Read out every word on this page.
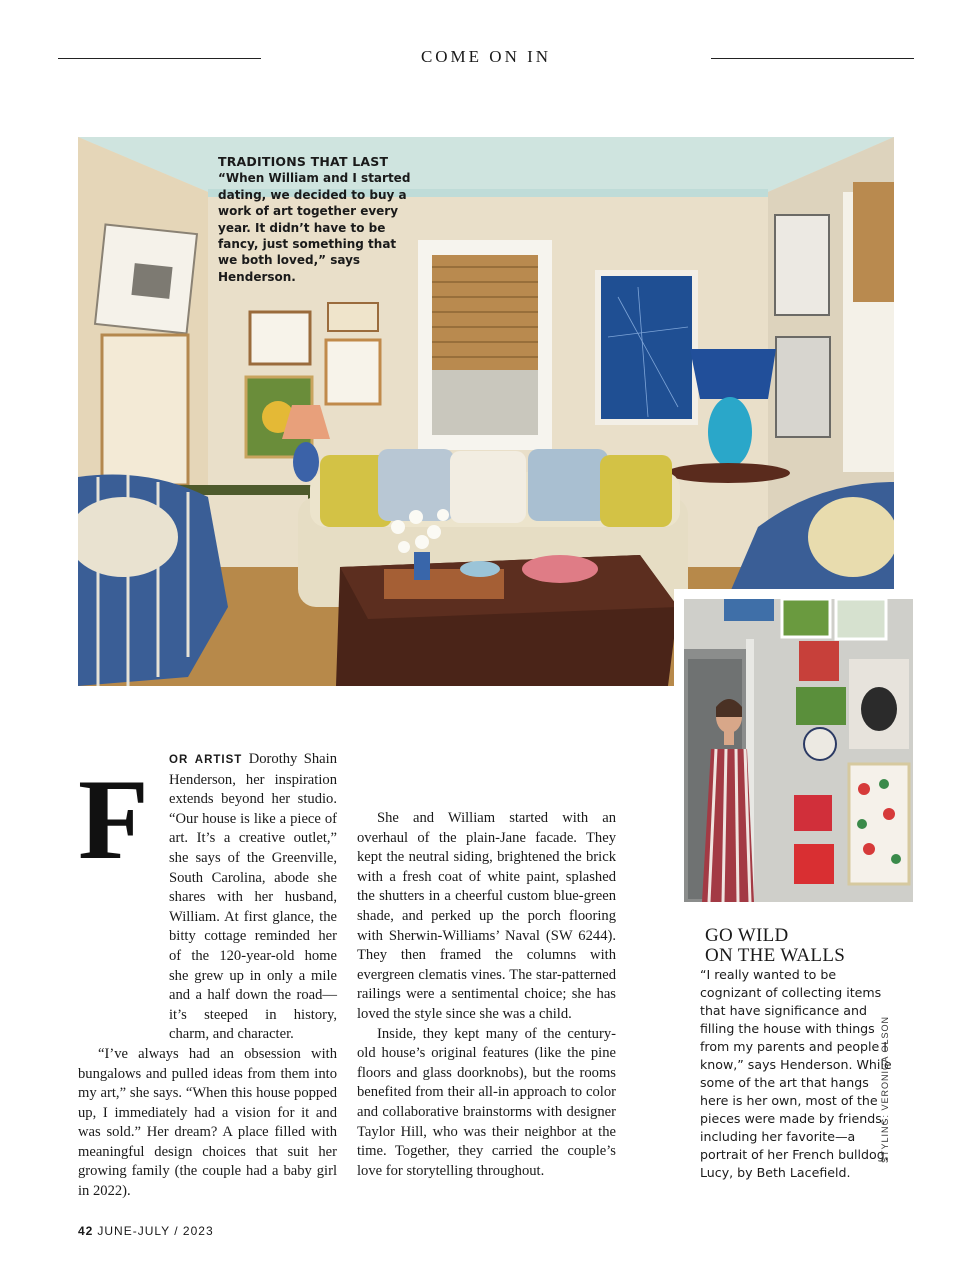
COME ON IN
TRADITIONS THAT LAST
“When William and I started dating, we decided to buy a work of art together every year. It didn’t have to be fancy, just something that we both loved,” says Henderson.
F	OR ARTIST Dorothy Shain Henderson, her inspiration extends beyond her studio. “Our house is like a piece of art. It’s a creative outlet,” she says of the Greenville, South Carolina, abode she shares with her husband, William. At first glance, the bitty cottage reminded her of the 120-year-old home she grew up in only a mile and a half down the road—it’s steeped in history, charm, and character.

“I’ve always had an obsession with bungalows and pulled ideas from them into my art,” she says. “When this house popped up, I immediately had a vision for it and was sold.” Her dream? A place filled with meaningful design choices that suit her growing family (the couple had a baby girl in 2022).

She and William started with an overhaul of the plain-Jane facade. They kept the neutral siding, brightened the brick with a fresh coat of white paint, splashed the shutters in a cheerful custom blue-green shade, and perked up the porch flooring with Sherwin-Williams’ Naval (SW 6244). They then framed the columns with evergreen clematis vines. The star-patterned railings were a sentimental choice; she has loved the style since she was a child.

Inside, they kept many of the century-old house’s original features (like the pine floors and glass doorknobs), but the rooms benefited from their all-in approach to color and collaborative brainstorms with designer Taylor Hill, who was their neighbor at the time. Together, they carried the couple’s love for storytelling throughout.

GO WILD
ON THE WALLS
“I really wanted to be cognizant of collecting items that have significance and filling the house with things from my parents and people I know,” says Henderson. While some of the art that hangs here is her own, most of the pieces were made by friends, including her favorite—a portrait of her French bulldog, Lucy, by Beth Lacefield.
STYLING: VERONICA OLSON
42 JUNE-JULY / 2023
